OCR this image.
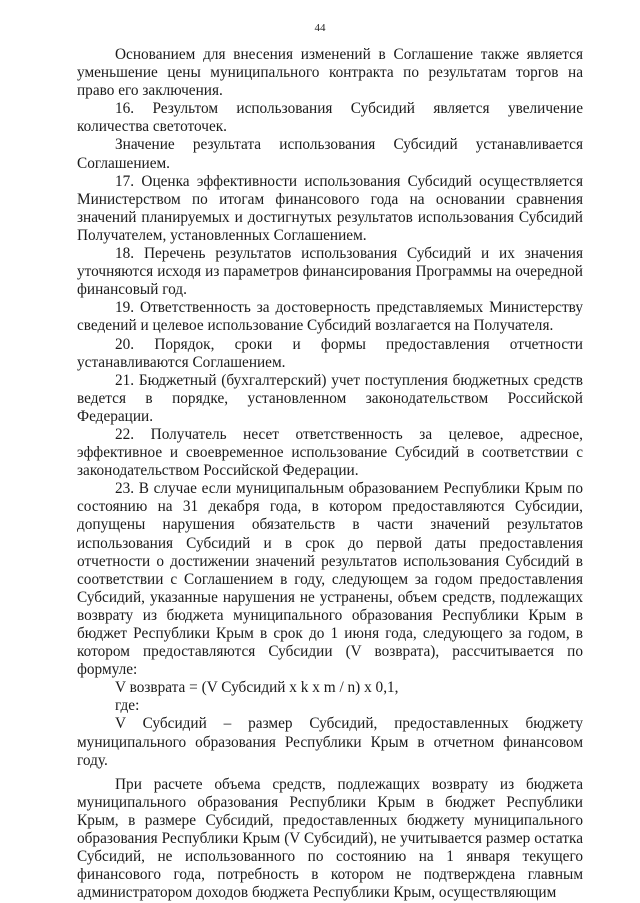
44

Основанием для внесения изменений в Соглашение также является уменьшение цены муниципального контракта по результатам торгов на право его заключения.

16. Результом использования Субсидий является увеличение количества светоточек.

Значение результата использования Субсидий устанавливается Соглашением.

17. Оценка эффективности использования Субсидий осуществляется Министерством по итогам финансового года на основании сравнения значений планируемых и достигнутых результатов использования Субсидий Получателем, установленных Соглашением.

18. Перечень результатов использования Субсидий и их значения уточняются исходя из параметров финансирования Программы на очередной финансовый год.

19. Ответственность за достоверность представляемых Министерству сведений и целевое использование Субсидий возлагается на Получателя.

20. Порядок, сроки и формы предоставления отчетности устанавливаются Соглашением.

21. Бюджетный (бухгалтерский) учет поступления бюджетных средств ведется в порядке, установленном законодательством Российской Федерации.

22. Получатель несет ответственность за целевое, адресное, эффективное и своевременное использование Субсидий в соответствии с законодательством Российской Федерации.

23. В случае если муниципальным образованием Республики Крым по состоянию на 31 декабря года, в котором предоставляются Субсидии, допущены нарушения обязательств в части значений результатов использования Субсидий и в срок до первой даты предоставления отчетности о достижении значений результатов использования Субсидий в соответствии с Соглашением в году, следующем за годом предоставления Субсидий, указанные нарушения не устранены, объем средств, подлежащих возврату из бюджета муниципального образования Республики Крым в бюджет Республики Крым в срок до 1 июня года, следующего за годом, в котором предоставляются Субсидии (V возврата), рассчитывается по формуле:

V возврата = (V Субсидий x k x m / n) x 0,1,

где:

V Субсидий – размер Субсидий, предоставленных бюджету муниципального образования Республики Крым в отчетном финансовом году.

При расчете объема средств, подлежащих возврату из бюджета муниципального образования Республики Крым в бюджет Республики Крым, в размере Субсидий, предоставленных бюджету муниципального образования Республики Крым (V Субсидий), не учитывается размер остатка Субсидий, не использованного по состоянию на 1 января текущего финансового года, потребность в котором не подтверждена главным администратором доходов бюджета Республики Крым, осуществляющим
